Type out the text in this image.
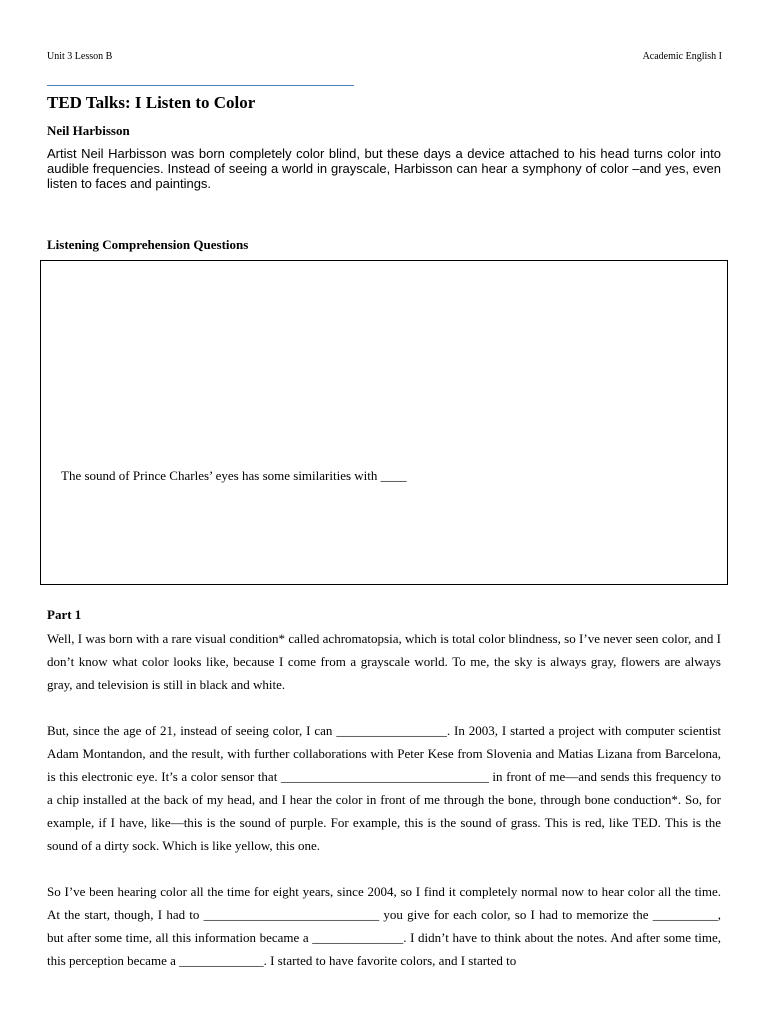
Unit 3 Lesson B	Academic English I
TED Talks: I Listen to Color
Neil Harbisson

Artist Neil Harbisson was born completely color blind, but these days a device attached to his head turns color into audible frequencies. Instead of seeing a world in grayscale, Harbisson can hear a symphony of color –and yes, even listen to faces and paintings.

Listening Comprehension Questions
The sound of Prince Charles’ eyes has some similarities with ____
Part 1

Well, I was born with a rare visual condition* called achromatopsia, which is total color blindness, so I’ve never seen color, and I don’t know what color looks like, because I come from a grayscale world. To me, the sky is always gray, flowers are always gray, and television is still in black and white.

But, since the age of 21, instead of seeing color, I can _________________. In 2003, I started a project with computer scientist Adam Montandon, and the result, with further collaborations with Peter Kese from Slovenia and Matias Lizana from Barcelona, is this electronic eye. It’s a color sensor that ________________________________ in front of me—and sends this frequency to a chip installed at the back of my head, and I hear the color in front of me through the bone, through bone conduction*. So, for example, if I have, like—this is the sound of purple. For example, this is the sound of grass. This is red, like TED. This is the sound of a dirty sock. Which is like yellow, this one.

So I’ve been hearing color all the time for eight years, since 2004, so I find it completely normal now to hear color all the time. At the start, though, I had to ___________________________ you give for each color, so I had to memorize the __________, but after some time, all this information became a ______________. I didn’t have to think about the notes. And after some time, this perception became a _____________. I started to have favorite colors, and I started to
